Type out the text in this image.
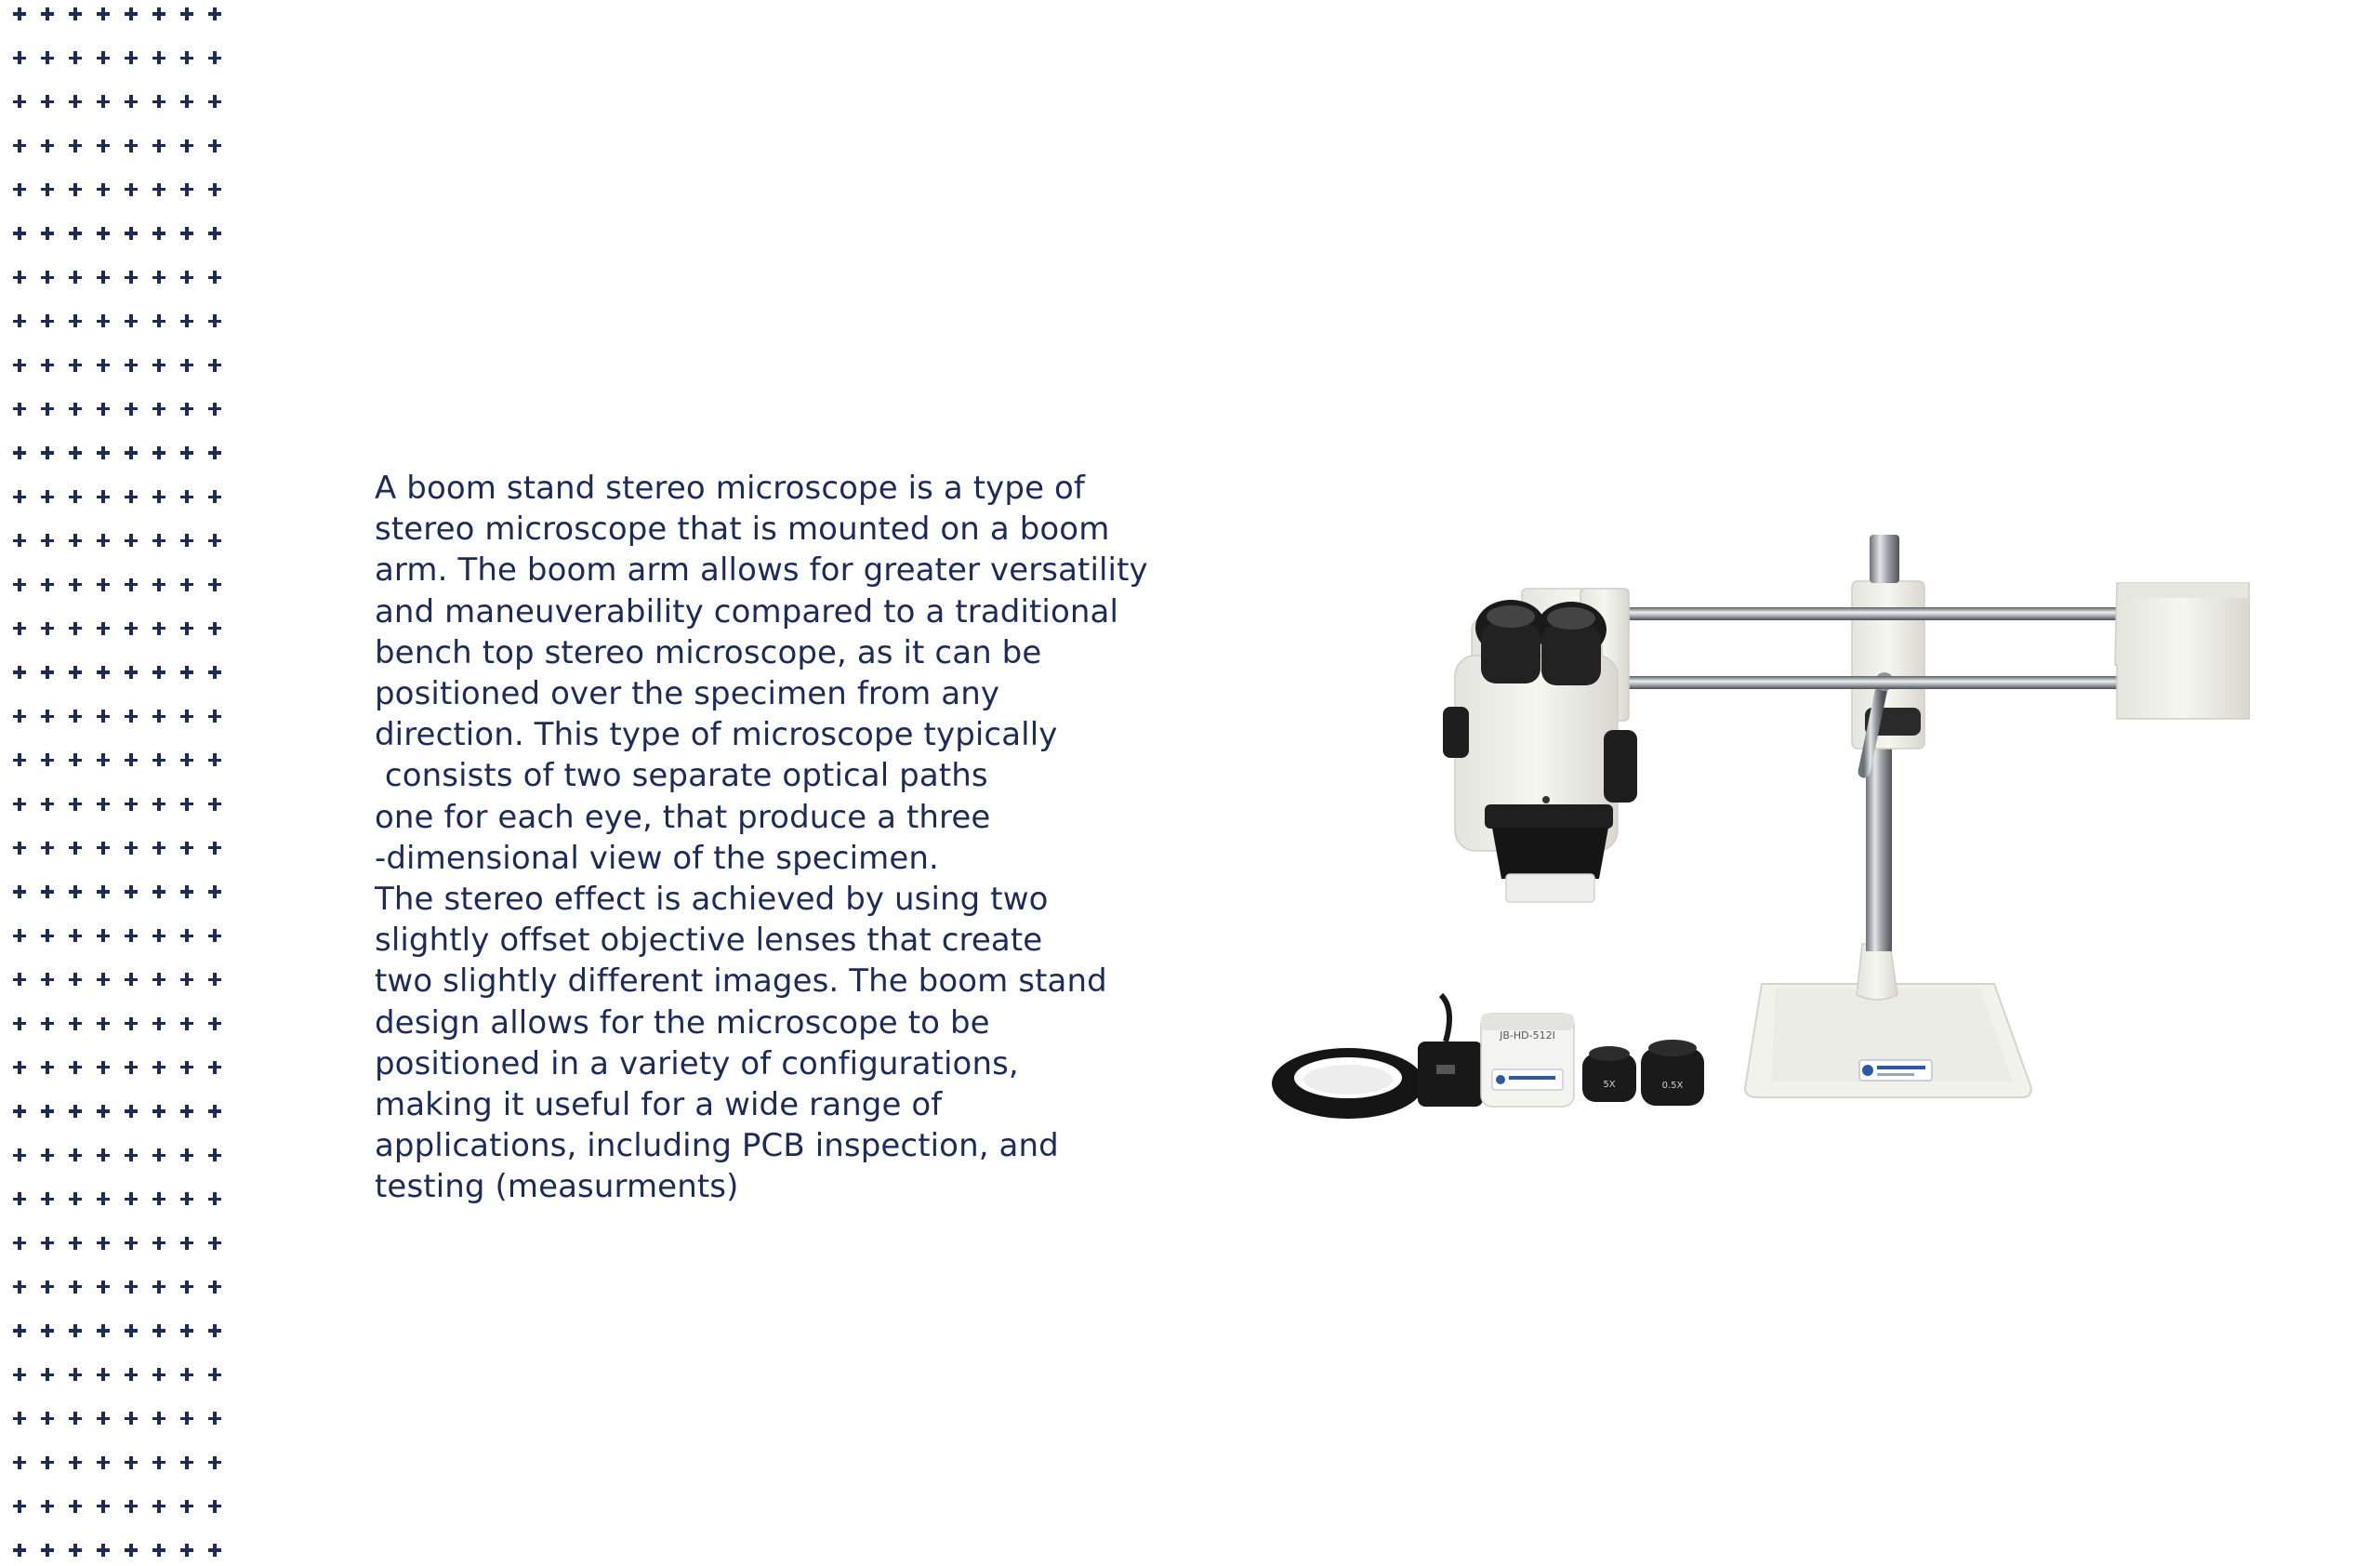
A boom stand stereo microscope is a type of
stereo microscope that is mounted on a boom
arm. The boom arm allows for greater versatility
and maneuverability compared to a traditional
bench top stereo microscope, as it can be
positioned over the specimen from any
direction. This type of microscope typically
consists of two separate optical paths
one for each eye, that produce a three
-dimensional view of the specimen.
The stereo effect is achieved by using two
slightly offset objective lenses that create
two slightly different images. The boom stand
design allows for the microscope to be
positioned in a variety of configurations,
making it useful for a wide range of
applications, including PCB inspection, and
testing (measurments)

JB-HD-512I
5X	0.5X
